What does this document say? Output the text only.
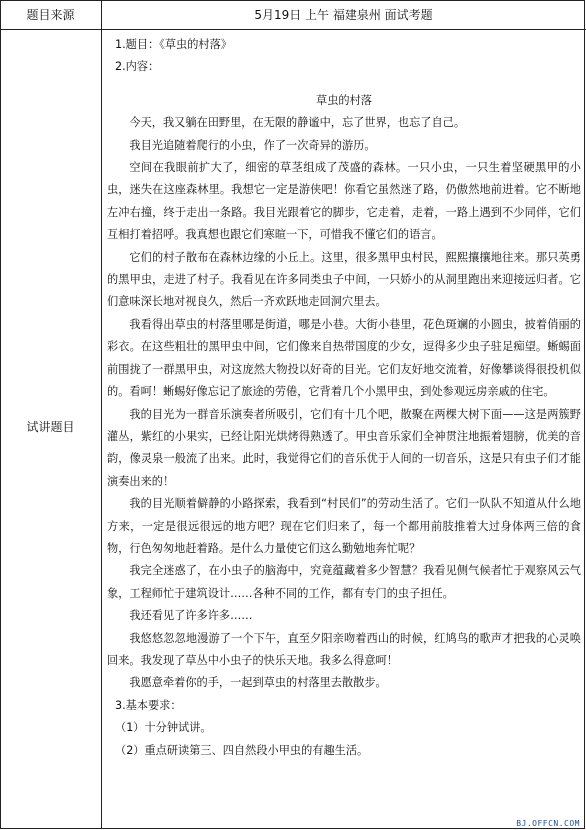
题目来源	5月19日 上午 福建泉州 面试考题
试讲题目

1.题目：《草虫的村落》

2.内容：

草虫的村落

今天，我又躺在田野里，在无限的静谧中，忘了世界，也忘了自己。

我目光追随着爬行的小虫，作了一次奇异的游历。

空间在我眼前扩大了，细密的草茎组成了茂盛的森林。一只小虫，一只生着坚硬黑甲的小虫，迷失在这座森林里。我想它一定是游侠吧！你看它虽然迷了路，仍傲然地前进着。它不断地左冲右撞，终于走出一条路。我目光跟着它的脚步，它走着，走着，一路上遇到不少同伴，它们互相打着招呼。我真想也跟它们寒暄一下，可惜我不懂它们的语言。

它们的村子散布在森林边缘的小丘上。这里，很多黑甲虫村民，熙熙攘攘地往来。那只英勇的黑甲虫，走进了村子。我看见在许多同类虫子中间，一只娇小的从洞里跑出来迎接远归者。它们意味深长地对视良久，然后一齐欢跃地走回洞穴里去。

我看得出草虫的村落里哪是街道，哪是小巷。大街小巷里，花色斑斓的小圆虫，披着俏丽的彩衣。在这些粗壮的黑甲虫中间，它们像来自热带国度的少女，逗得多少虫子驻足痴望。蜥蜴面前围拢了一群黑甲虫，对这庞然大物投以好奇的目光。它们友好地交流着，好像攀谈得很投机似的。看呵！蜥蜴好像忘记了旅途的劳倦，它背着几个小黑甲虫，到处参观远房亲戚的住宅。

我的目光为一群音乐演奏者所吸引，它们有十几个吧，散聚在两棵大树下面——这是两簇野灌丛，紫红的小果实，已经让阳光烘烤得熟透了。甲虫音乐家们全神贯注地振着翅膀，优美的音韵，像灵泉一般流了出来。此时，我觉得它们的音乐优于人间的一切音乐，这是只有虫子们才能演奏出来的！

我的目光顺着僻静的小路探索，我看到“村民们”的劳动生活了。它们一队队不知道从什么地方来，一定是很远很远的地方吧？现在它们归来了，每一个都用前肢推着大过身体两三倍的食物，行色匆匆地赶着路。是什么力量使它们这么勤勉地奔忙呢？

我完全迷惑了，在小虫子的脑海中，究竟蕴藏着多少智慧？我看见侧气候者忙于观察风云气象，工程师忙于建筑设计……各种不同的工作，都有专门的虫子担任。

我还看见了许多许多……

我悠悠忽忽地漫游了一个下午，直至夕阳亲吻着西山的时候，红鸠鸟的歌声才把我的心灵唤回来。我发现了草丛中小虫子的快乐天地。我多么得意呵！

我愿意牵着你的手，一起到草虫的村落里去散散步。

3.基本要求：

（1）十分钟试讲。

（2）重点研读第三、四自然段小甲虫的有趣生活。

BJ.OFFCN.COM
